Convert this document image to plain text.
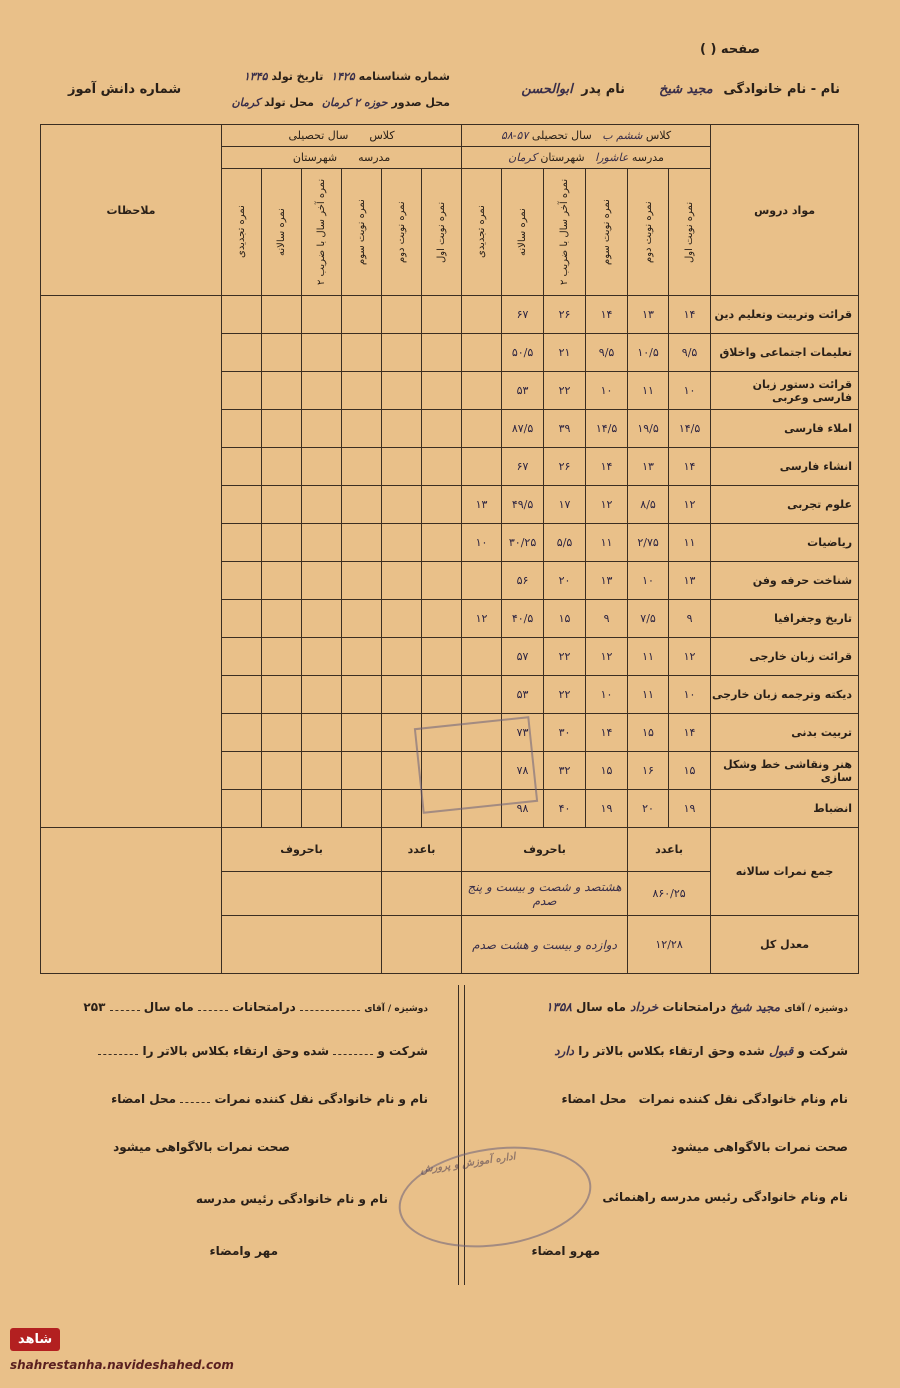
صفحه ( )
نام - نام خانوادگی مجید شیخ
نام پدر ابوالحسن
شماره شناسنامه ۱۴۲۵ تاریخ تولد ۱۳۴۵
شماره دانش آموز
محل صدور حوزه ۲ کرمان محل تولد کرمان
مواد دروس	کلاس ششم ب   سال تحصیلی ۵۷-۵۸						کلاس      سال تحصیلی						ملاحظات
	مدرسه عاشورا   شهرستان کرمان						مدرسه      شهرستان						

	نمره نوبت اول	نمره نوبت دوم	نمره نوبت سوم	نمره آخر سال با ضریب ۲	نمره سالانه	نمره تجدیدی	نمره نوبت اول	نمره نوبت دوم	نمره نوبت سوم	نمره آخر سال با ضریب ۲	نمره سالانه	نمره تجدیدی	

قرائت وتربیت وتعلیم دین	۱۴	۱۳	۱۴	۲۶	۶۷								
تعلیمات اجتماعی واخلاق	۹/۵	۱۰/۵	۹/۵	۲۱	۵۰/۵								
قرائت دستور زبان فارسی وعربی	۱۰	۱۱	۱۰	۲۲	۵۳								
املاء فارسی	۱۴/۵	۱۹/۵	۱۴/۵	۳۹	۸۷/۵								
انشاء فارسی	۱۴	۱۳	۱۴	۲۶	۶۷								
علوم تجربی	۱۲	۸/۵	۱۲	۱۷	۴۹/۵	۱۳							
ریاضیات	۱۱	۲/۷۵	۱۱	۵/۵	۳۰/۲۵	۱۰							
شناخت حرفه وفن	۱۳	۱۰	۱۳	۲۰	۵۶								
تاریخ وجغرافیا	۹	۷/۵	۹	۱۵	۴۰/۵	۱۲							
قرائت زبان خارجی	۱۲	۱۱	۱۲	۲۲	۵۷								
دیکته وترجمه زبان خارجی	۱۰	۱۱	۱۰	۲۲	۵۳								
تربیت بدنی	۱۴	۱۵	۱۴	۳۰	۷۳								
هنر ونقاشی خط وشکل سازی	۱۵	۱۶	۱۵	۳۲	۷۸								
انضباط	۱۹	۲۰	۱۹	۴۰	۹۸								
جمع نمرات سالانه	باعدد		باحروف				باعدد		باحروف				
	۸۶۰/۲۵		هشتصد و شصت و بیست و پنج صدم										
معدل کل	۱۲/۲۸		دوازده و بیست و هشت صدم										
دوشیزه / آقای مجید شیخ درامتحانات خرداد ماه سال ۱۳۵۸
شرکت و قبول شده وحق ارتقاء بکلاس بالاتر را دارد
نام ونام خانوادگی نقل کننده نمرات محل امضاء
صحت نمرات بالاگواهی میشود
نام ونام خانوادگی رئیس مدرسه راهنمائی
مهرو امضاء
اداره آموزش و پرورش
دوشیزه / آقای  درامتحانات  ماه سال  ۲۵۳
شرکت و  شده وحق ارتقاء بکلاس بالاتر را
نام و نام خانوادگی نقل کننده نمرات  محل امضاء
صحت نمرات بالاگواهی میشود
نام و نام خانوادگی رئیس مدرسه
مهر وامضاء
شاهد
shahrestanha.navideshahed.com
